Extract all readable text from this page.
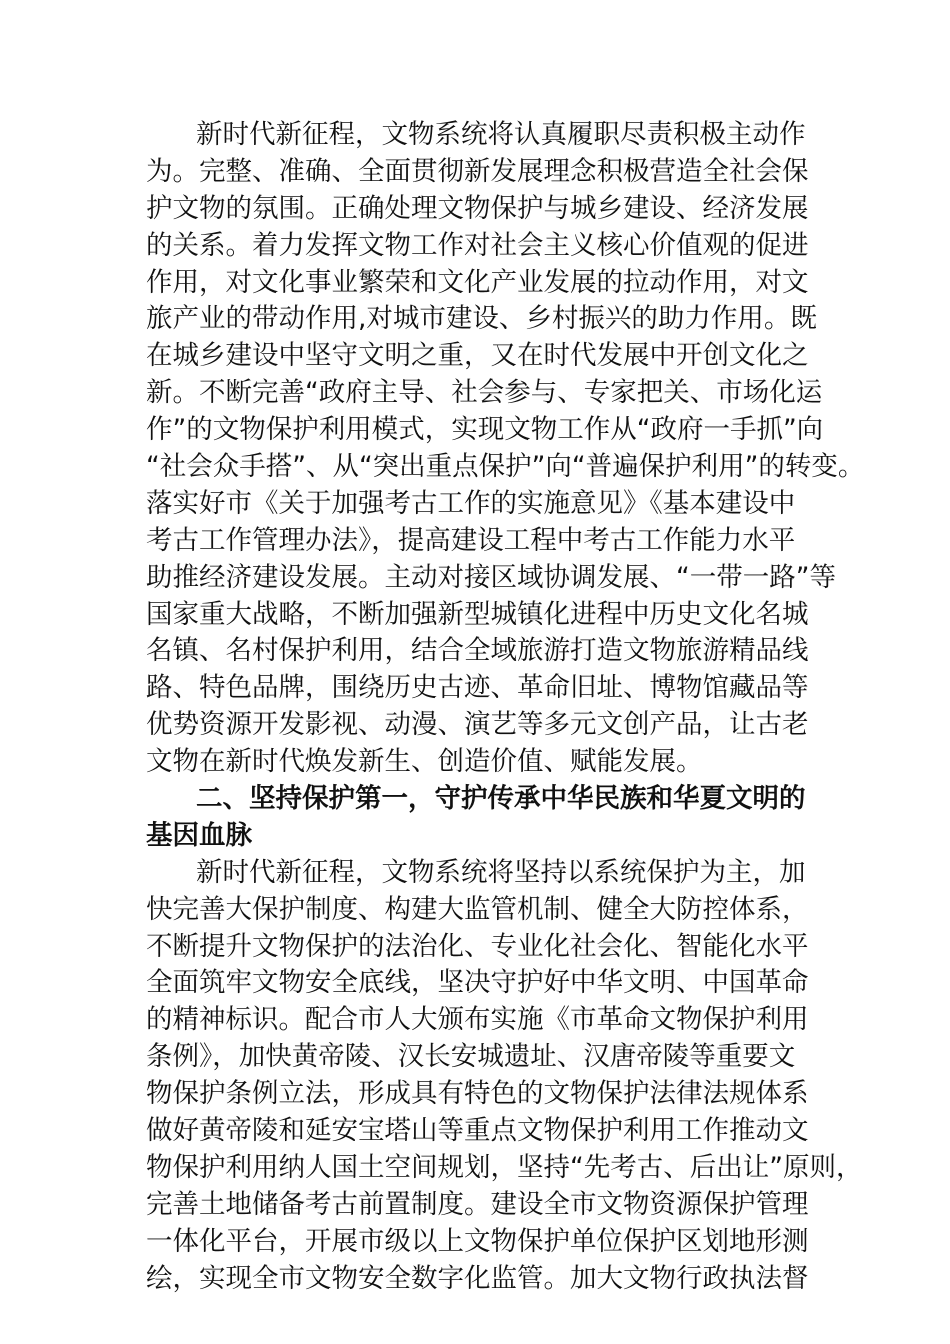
新时代新征程，文物系统将认真履职尽责积极主动作
为。完整、准确、全面贯彻新发展理念积极营造全社会保
护文物的氛围。正确处理文物保护与城乡建设、经济发展
的关系。着力发挥文物工作对社会主义核心价值观的促进
作用，对文化事业繁荣和文化产业发展的拉动作用，对文
旅产业的带动作用,对城市建设、乡村振兴的助力作用。既
在城乡建设中坚守文明之重，又在时代发展中开创文化之
新。不断完善“政府主导、社会参与、专家把关、市场化运
作”的文物保护利用模式，实现文物工作从“政府一手抓”向
“社会众手搭”、从“突出重点保护”向“普遍保护利用”的转变。
落实好市《关于加强考古工作的实施意见》《基本建设中
考古工作管理办法》，提高建设工程中考古工作能力水平
助推经济建设发展。主动对接区域协调发展、“一带一路”等
国家重大战略，不断加强新型城镇化进程中历史文化名城
名镇、名村保护利用，结合全域旅游打造文物旅游精品线
路、特色品牌，围绕历史古迹、革命旧址、博物馆藏品等
优势资源开发影视、动漫、演艺等多元文创产品，让古老
文物在新时代焕发新生、创造价值、赋能发展。
二、坚持保护第一，守护传承中华民族和华夏文明的
基因血脉
新时代新征程，文物系统将坚持以系统保护为主，加
快完善大保护制度、构建大监管机制、健全大防控体系，
不断提升文物保护的法治化、专业化社会化、智能化水平
全面筑牢文物安全底线，坚决守护好中华文明、中国革命
的精神标识。配合市人大颁布实施《市革命文物保护利用
条例》，加快黄帝陵、汉长安城遗址、汉唐帝陵等重要文
物保护条例立法，形成具有特色的文物保护法律法规体系
做好黄帝陵和延安宝塔山等重点文物保护利用工作推动文
物保护利用纳人国土空间规划，坚持“先考古、后出让”原则，
完善土地储备考古前置制度。建设全市文物资源保护管理
一体化平台，开展市级以上文物保护单位保护区划地形测
绘，实现全市文物安全数字化监管。加大文物行政执法督
